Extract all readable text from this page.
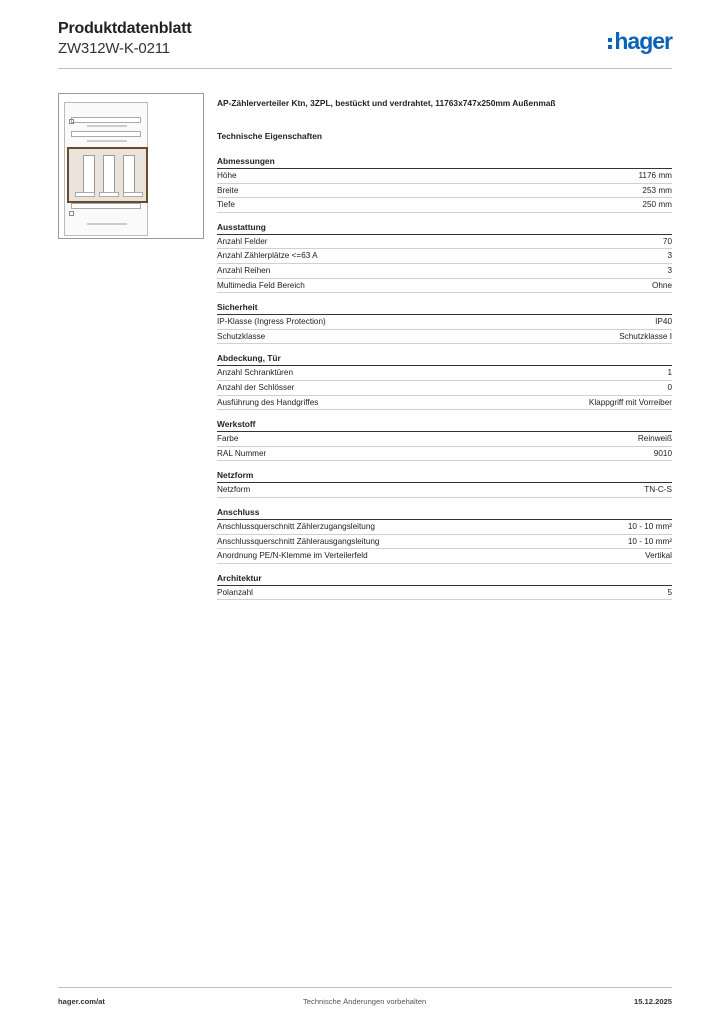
Produktdatenblatt
ZW312W-K-0211	hager
AP-Zählerverteiler Ktn, 3ZPL, bestückt und verdrahtet, 11763x747x250mm Außenmaß
Technische Eigenschaften
Abmessungen
Höhe	1176 mm
Breite	253 mm
Tiefe	250 mm
Ausstattung
Anzahl Felder	70
Anzahl Zählerplätze <=63 A	3
Anzahl Reihen	3
Multimedia Feld Bereich	Ohne
Sicherheit
IP-Klasse (Ingress Protection)	IP40
Schutzklasse	Schutzklasse I
Abdeckung, Tür
Anzahl Schranktüren	1
Anzahl der Schlösser	0
Ausführung des Handgriffes	Klappgriff mit Vorreiber
Werkstoff
Farbe	Reinweiß
RAL Nummer	9010
Netzform
Netzform	TN-C-S
Anschluss
Anschlussquerschnitt Zählerzugangsleitung	10 - 10 mm²
Anschlussquerschnitt Zählerausgangsleitung	10 - 10 mm²
Anordnung PE/N-Klemme im Verteilerfeld	Vertikal
Architektur
Polanzahl	5
hager.com/at	Technische Änderungen vorbehalten	15.12.2025
